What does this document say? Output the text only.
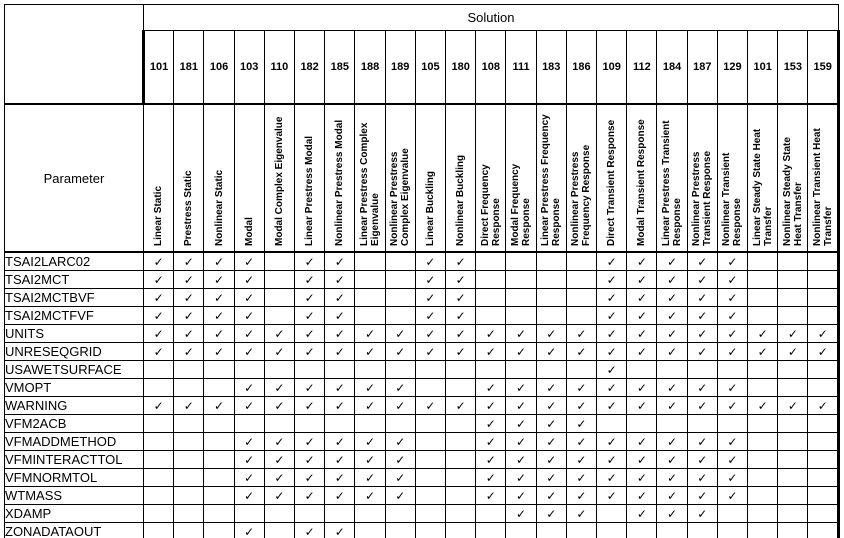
	Solution																						
	101	181	106	103	110	182	185	188	189	105	180	108	111	183	186	109	112	184	187	129	101	153	159
Parameter	Linear Static	Prestress Static	Nonlinear Static	Modal	Modal Complex Eigenvalue	Linear Prestress Modal	Nonlinear Prestress Modal	Linear Prestress Complex Eigenvalue	Nonlinear Prestress Complex Eigenvalue	Linear Buckling	Nonlinear Buckling	Direct Frequency Response	Modal Frequency Response	Linear Prestress Frequency Response	Nonlinear Prestress Frequency Response	Direct Transient Response	Modal Transient Response	Linear Prestress Transient Response	Nonlinear Prestress Transient Response	Nonlinear Transient Response	Linear Steady State Heat Transfer	Nonlinear Steady State Heat Transfer	Nonlinear Transient Heat Transfer
TSAI2LARC02	✓	✓	✓	✓		✓	✓			✓	✓					✓	✓	✓	✓	✓			
TSAI2MCT	✓	✓	✓	✓		✓	✓			✓	✓					✓	✓	✓	✓	✓			
TSAI2MCTBVF	✓	✓	✓	✓		✓	✓			✓	✓					✓	✓	✓	✓	✓			
TSAI2MCTFVF	✓	✓	✓	✓		✓	✓			✓	✓					✓	✓	✓	✓	✓			
UNITS	✓	✓	✓	✓	✓	✓	✓	✓	✓	✓	✓	✓	✓	✓	✓	✓	✓	✓	✓	✓	✓	✓	✓
UNRESEQGRID	✓	✓	✓	✓	✓	✓	✓	✓	✓	✓	✓	✓	✓	✓	✓	✓	✓	✓	✓	✓	✓	✓	✓
USAWETSURFACE																✓							
VMOPT				✓	✓	✓	✓	✓	✓			✓	✓	✓	✓	✓	✓	✓	✓	✓			
WARNING	✓	✓	✓	✓	✓	✓	✓	✓	✓	✓	✓	✓	✓	✓	✓	✓	✓	✓	✓	✓	✓	✓	✓
VFM2ACB												✓	✓	✓	✓								
VFMADDMETHOD				✓	✓	✓	✓	✓	✓			✓	✓	✓	✓	✓	✓	✓	✓	✓			
VFMINTERACTTOL				✓	✓	✓	✓	✓	✓			✓	✓	✓	✓	✓	✓	✓	✓	✓			
VFMNORMTOL				✓	✓	✓	✓	✓	✓			✓	✓	✓	✓	✓	✓	✓	✓	✓			
WTMASS				✓	✓	✓	✓	✓	✓			✓	✓	✓	✓	✓	✓	✓	✓	✓			
XDAMP													✓	✓	✓		✓	✓	✓				
ZONADATAOUT				✓		✓	✓																
